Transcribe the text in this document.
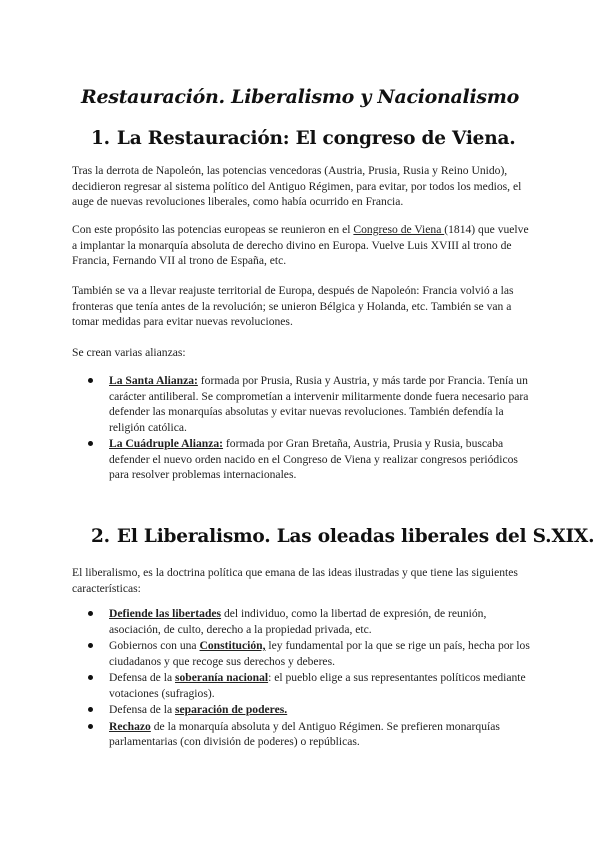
Restauración. Liberalismo y Nacionalismo
1. La Restauración: El congreso de Viena.
Tras la derrota de Napoleón, las potencias vencedoras (Austria, Prusia, Rusia y Reino Unido), decidieron regresar al sistema político del Antiguo Régimen, para evitar, por todos los medios, el auge de nuevas revoluciones liberales, como había ocurrido en Francia.
Con este propósito las potencias europeas se reunieron en el Congreso de Viena (1814) que vuelve a implantar la monarquía absoluta de derecho divino en Europa. Vuelve Luis XVIII al trono de Francia, Fernando VII al trono de España, etc.
También se va a llevar reajuste territorial de Europa, después de Napoleón: Francia volvió a las fronteras que tenía antes de la revolución; se unieron Bélgica y Holanda, etc. También se van a tomar medidas para evitar nuevas revoluciones.
Se crean varias alianzas:
La Santa Alianza: formada por Prusia, Rusia y Austria, y más tarde por Francia. Tenía un carácter antiliberal. Se comprometían a intervenir militarmente donde fuera necesario para defender las monarquías absolutas y evitar nuevas revoluciones. También defendía la religión católica.
La Cuádruple Alianza: formada por Gran Bretaña, Austria, Prusia y Rusia, buscaba defender el nuevo orden nacido en el Congreso de Viena y realizar congresos periódicos para resolver problemas internacionales.
2. El Liberalismo. Las oleadas liberales del S.XIX.
El liberalismo, es la doctrina política que emana de las ideas ilustradas y que tiene las siguientes características:
Defiende las libertades del individuo, como la libertad de expresión, de reunión, asociación, de culto, derecho a la propiedad privada, etc.
Gobiernos con una Constitución, ley fundamental por la que se rige un país, hecha por los ciudadanos y que recoge sus derechos y deberes.
Defensa de la soberanía nacional: el pueblo elige a sus representantes políticos mediante votaciones (sufragios).
Defensa de la separación de poderes.
Rechazo de la monarquía absoluta y del Antiguo Régimen. Se prefieren monarquías parlamentarias (con división de poderes) o repúblicas.
